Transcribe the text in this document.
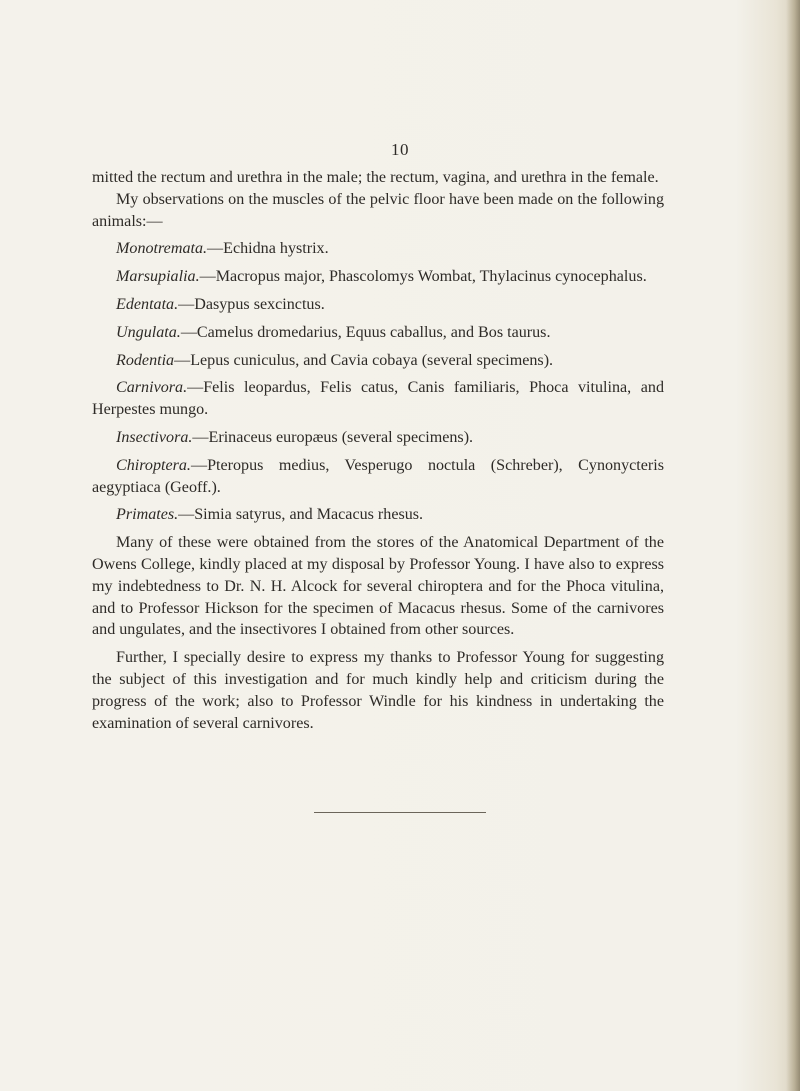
10

mitted the rectum and urethra in the male; the rectum, vagina, and urethra in the female.

My observations on the muscles of the pelvic floor have been made on the following animals:—

Monotremata.—Echidna hystrix.

Marsupialia.—Macropus major, Phascolomys Wombat, Thylacinus cynocephalus.

Edentata.—Dasypus sexcinctus.

Ungulata.—Camelus dromedarius, Equus caballus, and Bos taurus.

Rodentia—Lepus cuniculus, and Cavia cobaya (several specimens).

Carnivora.—Felis leopardus, Felis catus, Canis familiaris, Phoca vitulina, and Herpestes mungo.

Insectivora.—Erinaceus europæus (several specimens).

Chiroptera.—Pteropus medius, Vesperugo noctula (Schreber), Cynonycteris aegyptiaca (Geoff.).

Primates.—Simia satyrus, and Macacus rhesus.

Many of these were obtained from the stores of the Anatomical Department of the Owens College, kindly placed at my disposal by Professor Young. I have also to express my indebtedness to Dr. N. H. Alcock for several chiroptera and for the Phoca vitulina, and to Professor Hickson for the specimen of Macacus rhesus. Some of the carnivores and ungulates, and the insectivores I obtained from other sources.

Further, I specially desire to express my thanks to Professor Young for suggesting the subject of this investigation and for much kindly help and criticism during the progress of the work; also to Professor Windle for his kindness in undertaking the examination of several carnivores.
